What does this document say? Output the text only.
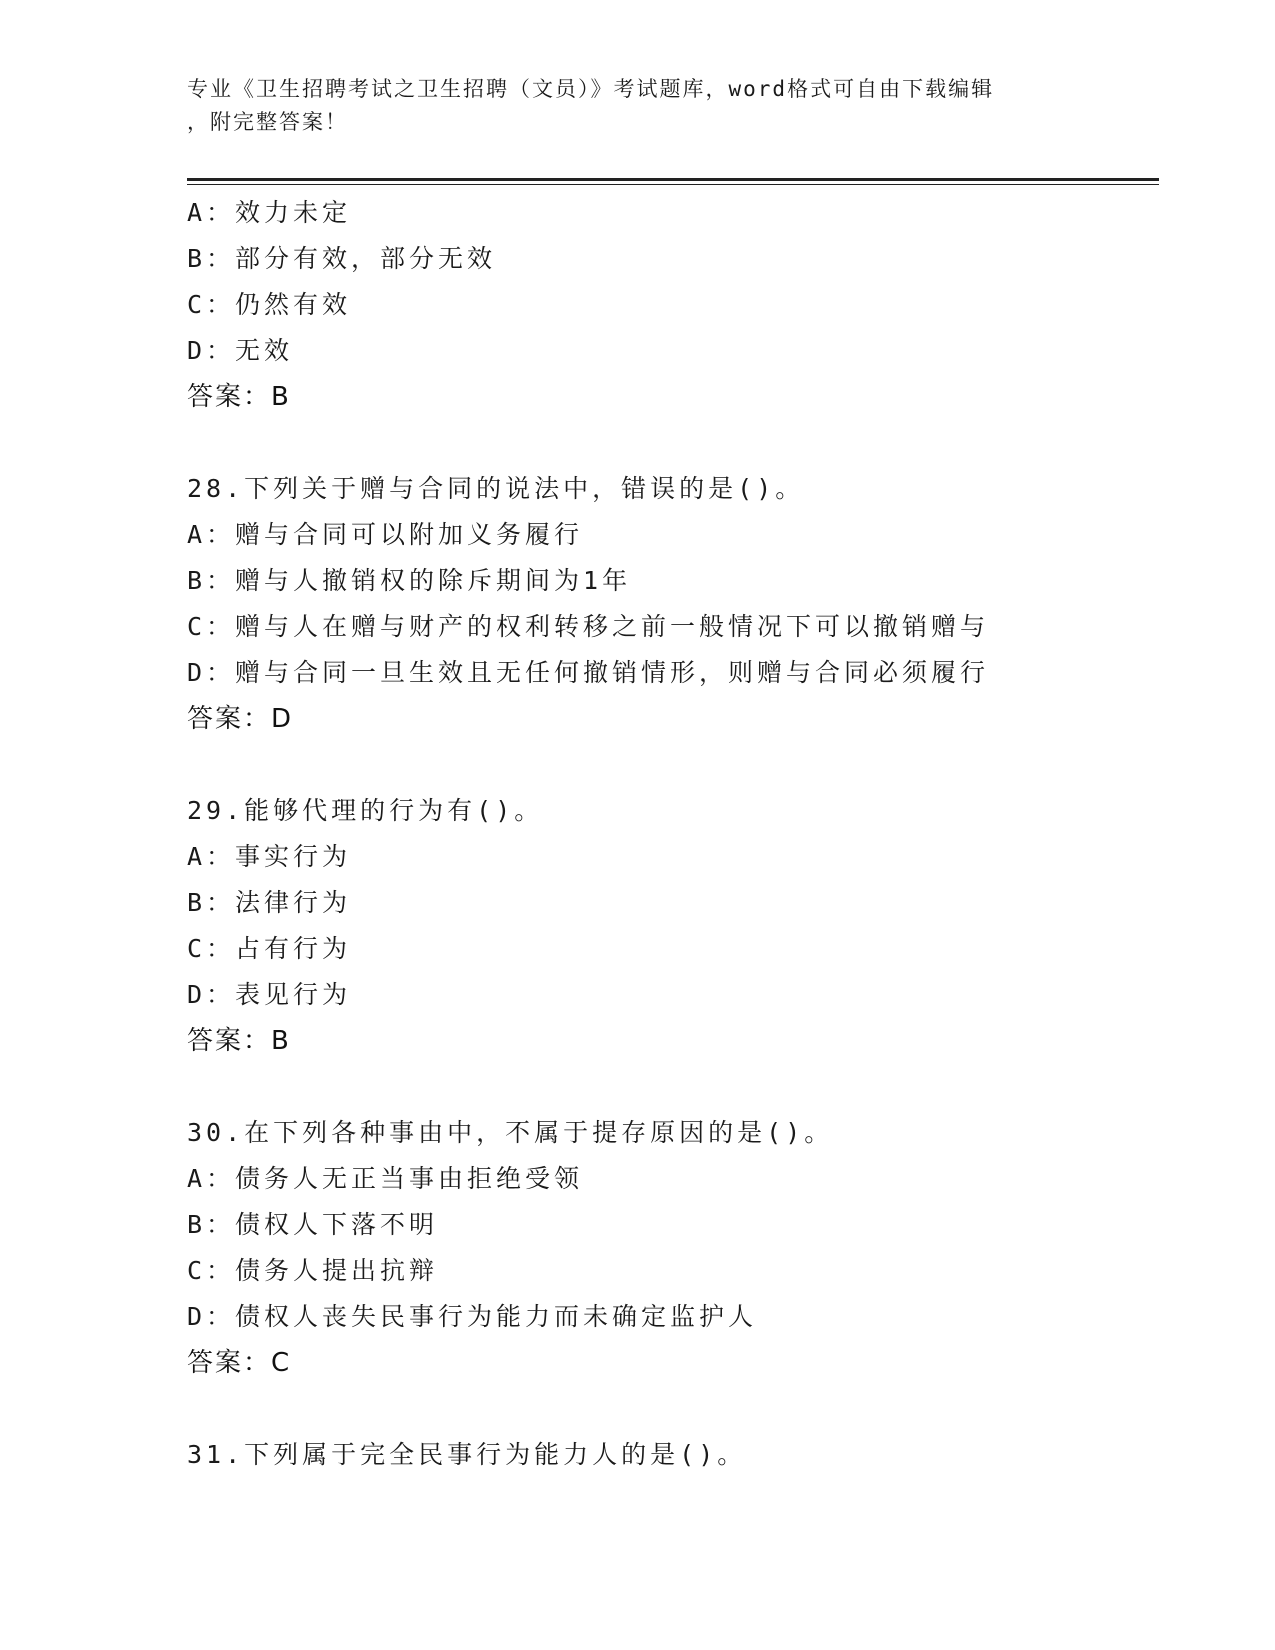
专业《卫生招聘考试之卫生招聘（文员）》考试题库，word格式可自由下载编辑
，附完整答案！
A：效力未定
B：部分有效，部分无效
C：仍然有效
D：无效
答案：B
28.下列关于赠与合同的说法中，错误的是()。
A：赠与合同可以附加义务履行
B：赠与人撤销权的除斥期间为1年
C：赠与人在赠与财产的权利转移之前一般情况下可以撤销赠与
D：赠与合同一旦生效且无任何撤销情形，则赠与合同必须履行
答案：D
29.能够代理的行为有()。
A：事实行为
B：法律行为
C：占有行为
D：表见行为
答案：B
30.在下列各种事由中，不属于提存原因的是()。
A：债务人无正当事由拒绝受领
B：债权人下落不明
C：债务人提出抗辩
D：债权人丧失民事行为能力而未确定监护人
答案：C
31.下列属于完全民事行为能力人的是()。
